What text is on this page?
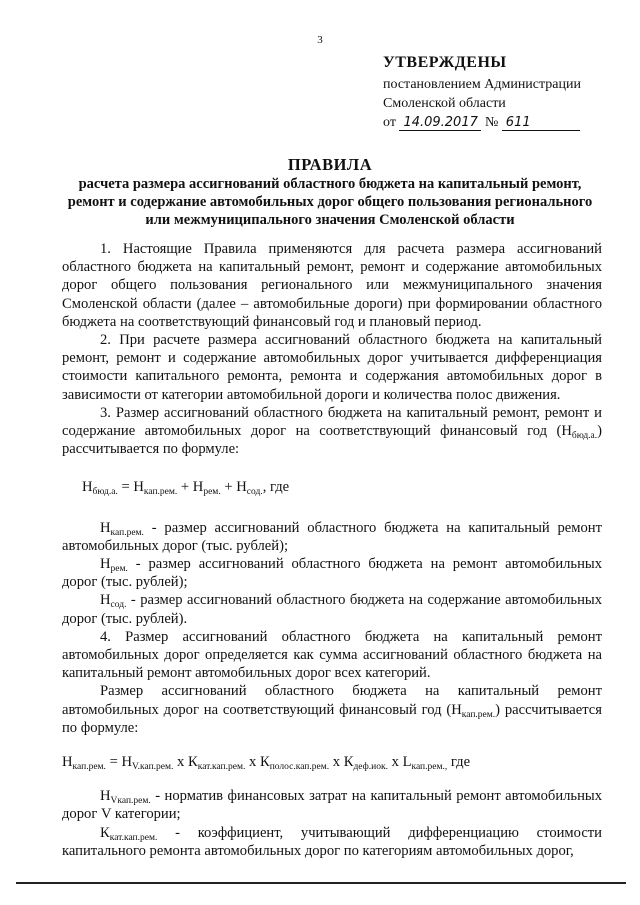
3
УТВЕРЖДЕНЫ
постановлением Администрации
Смоленской области
от 14.09.2017 № 611
ПРАВИЛА
расчета размера ассигнований областного бюджета на капитальный ремонт, ремонт и содержание автомобильных дорог общего пользования регионального или межмуниципального значения Смоленской области

1. Настоящие Правила применяются для расчета размера ассигнований областного бюджета на капитальный ремонт, ремонт и содержание автомобильных дорог общего пользования регионального или межмуниципального значения Смоленской области (далее – автомобильные дороги) при формировании областного бюджета на соответствующий финансовый год и плановый период.

2. При расчете размера ассигнований областного бюджета на капитальный ремонт, ремонт и содержание автомобильных дорог учитывается дифференциация стоимости капитального ремонта, ремонта и содержания автомобильных дорог в зависимости от категории автомобильной дороги и количества полос движения.

3. Размер ассигнований областного бюджета на капитальный ремонт, ремонт и содержание автомобильных дорог на соответствующий финансовый год $(Н_{бюд.а.})$ рассчитывается по формуле:

$Н_{бюд.а.} = Н_{кап.рем.} + Н_{рем.} + Н_{сод.}$, где

$Н_{кап.рем.}$ - размер ассигнований областного бюджета на капитальный ремонт автомобильных дорог (тыс. рублей);

$Н_{рем.}$ - размер ассигнований областного бюджета на ремонт автомобильных дорог (тыс. рублей);

$Н_{сод.}$ - размер ассигнований областного бюджета на содержание автомобильных дорог (тыс. рублей).

4. Размер ассигнований областного бюджета на капитальный ремонт автомобильных дорог определяется как сумма ассигнований областного бюджета на капитальный ремонт автомобильных дорог всех категорий.

Размер ассигнований областного бюджета на капитальный ремонт автомобильных дорог на соответствующий финансовый год $(Н_{кап.рем.})$ рассчитывается по формуле:

$Н_{кап.рем.} = Н_{V.кап.рем.}$ x $К_{кат.кап.рем.}$ x $К_{полос.кап.рем.}$ x $К_{деф.иок.}$ x $L_{кап.рем.,}$ где

$Н_{Vкап.рем.}$ - норматив финансовых затрат на капитальный ремонт автомобильных дорог V категории;

$К_{кат.кап.рем.}$ - коэффициент, учитывающий дифференциацию стоимости капитального ремонта автомобильных дорог по категориям автомобильных дорог,
